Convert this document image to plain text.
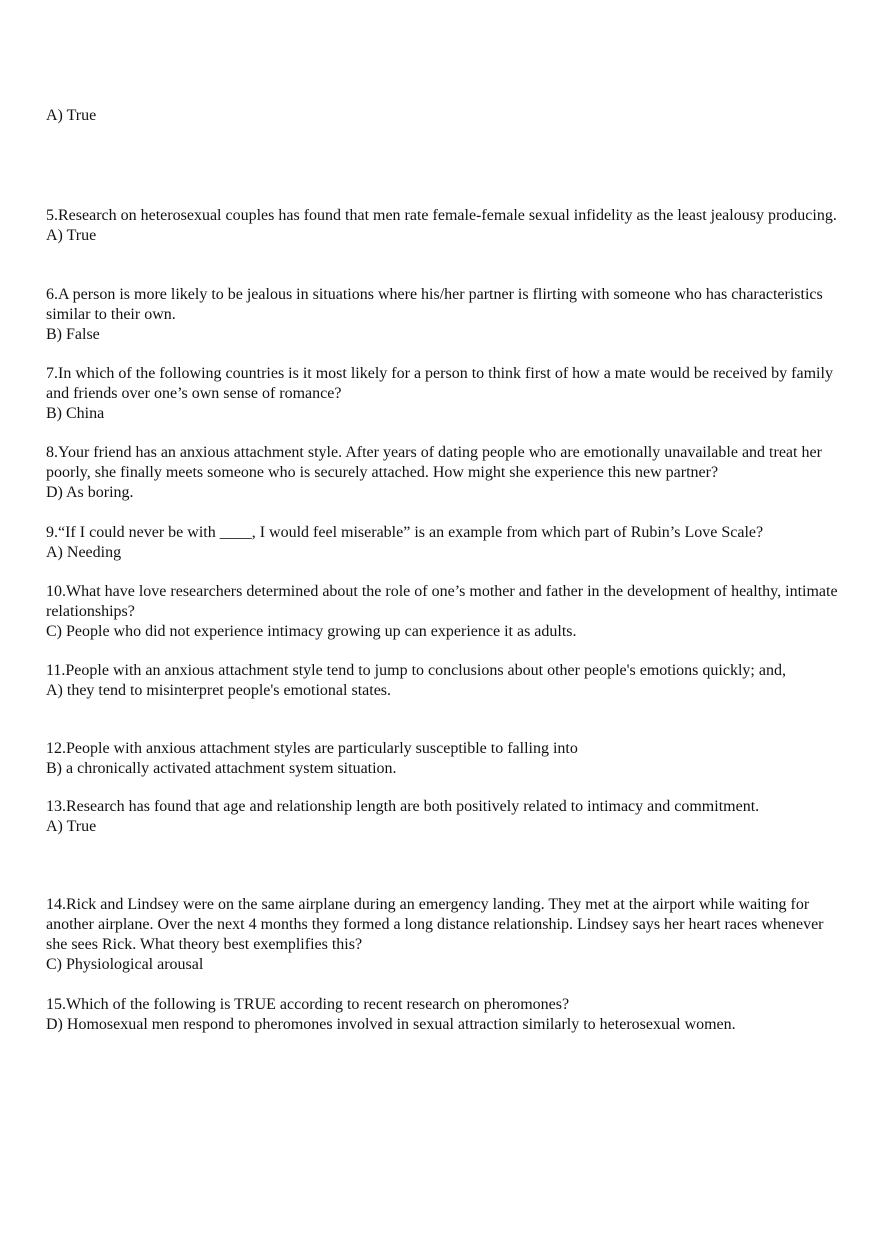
A) True
5.Research on heterosexual couples has found that men rate female-female sexual infidelity as the least jealousy producing.
A) True
6.A person is more likely to be jealous in situations where his/her partner is flirting with someone who has characteristics similar to their own.
B) False
7.In which of the following countries is it most likely for a person to think first of how a mate would be received by family and friends over one’s own sense of romance?
B) China
8.Your friend has an anxious attachment style. After years of dating people who are emotionally unavailable and treat her poorly, she finally meets someone who is securely attached. How might she experience this new partner?
D) As boring.
9.“If I could never be with ____, I would feel miserable” is an example from which part of Rubin’s Love Scale?
A) Needing
10.What have love researchers determined about the role of one’s mother and father in the development of healthy, intimate relationships?
C) People who did not experience intimacy growing up can experience it as adults.
11.People with an anxious attachment style tend to jump to conclusions about other people's emotions quickly; and,
A) they tend to misinterpret people's emotional states.
12.People with anxious attachment styles are particularly susceptible to falling into
B) a chronically activated attachment system situation.
13.Research has found that age and relationship length are both positively related to intimacy and commitment.
A) True
14.Rick and Lindsey were on the same airplane during an emergency landing. They met at the airport while waiting for another airplane. Over the next 4 months they formed a long distance relationship. Lindsey says her heart races whenever she sees Rick. What theory best exemplifies this?
C) Physiological arousal
15.Which of the following is TRUE according to recent research on pheromones?
D) Homosexual men respond to pheromones involved in sexual attraction similarly to heterosexual women.
